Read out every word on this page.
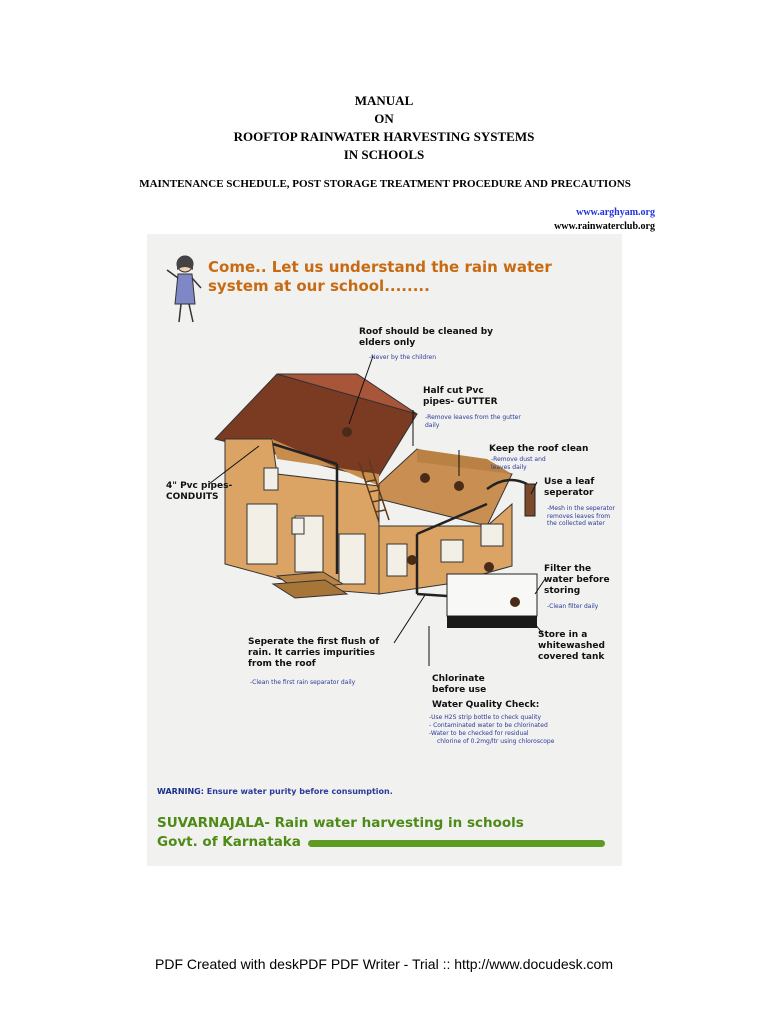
MANUAL
ON
ROOFTOP RAINWATER HARVESTING SYSTEMS
IN SCHOOLS
MAINTENANCE SCHEDULE, POST STORAGE TREATMENT PROCEDURE AND PRECAUTIONS
www.arghyam.org
www.rainwaterclub.org
Come.. Let us understand the rain water system at our school........
Roof should be cleaned by elders only
-Never by the children
Half cut Pvc pipes- GUTTER
-Remove leaves from the gutter daily
Keep the roof clean
-Remove dust and leaves daily
4" Pvc pipes- CONDUITS
Use a leaf seperator
-Mesh in the seperator removes leaves from the collected water
Filter the water before storing
-Clean filter daily
Store in a whitewashed covered tank
Seperate the first flush of rain. It carries impurities from the roof
-Clean the first rain separator daily	Chlorinate before use
Water Quality Check:
-Use H2S strip bottle to check quality
- Contaminated water to be chlorinated
-Water to be checked for residual
chlorine of 0.2mg/ltr using chloroscope
WARNING: Ensure water purity before consumption.
SUVARNAJALA- Rain water harvesting in schools
Govt. of Karnataka
PDF Created with deskPDF PDF Writer - Trial :: http://www.docudesk.com
